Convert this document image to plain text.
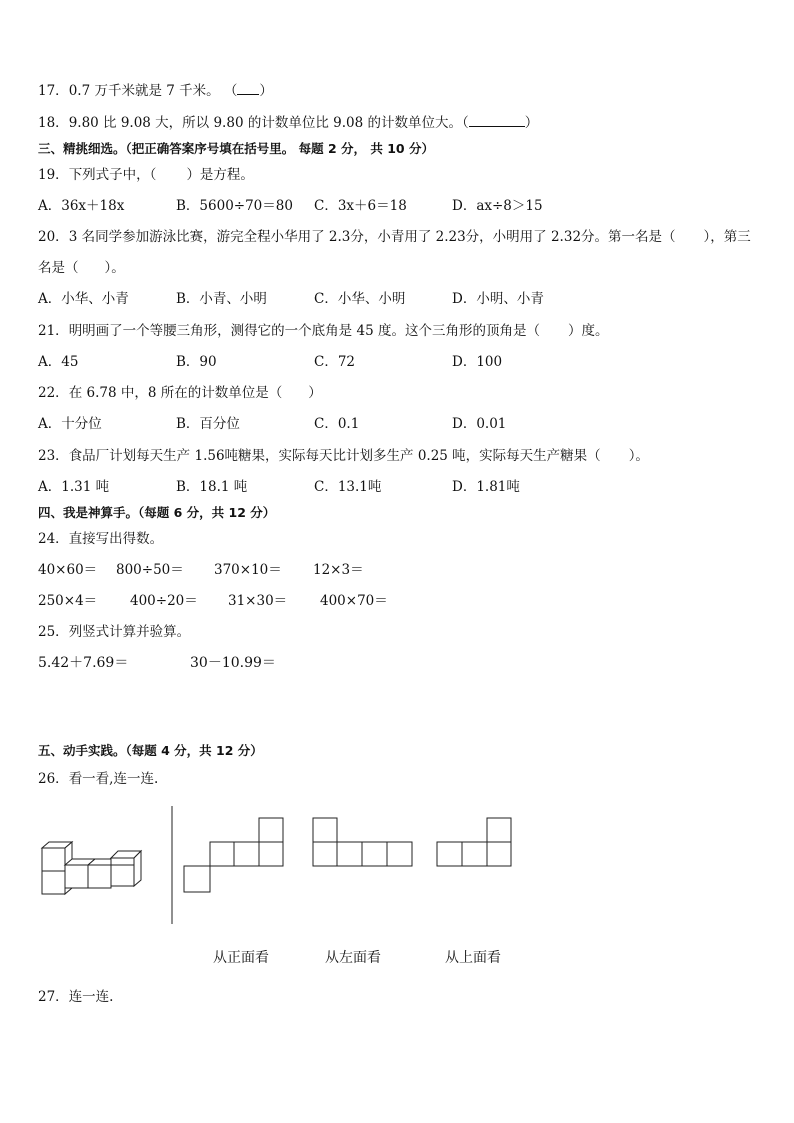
17．0.7 万千米就是 7 千米。 （ ）
18．9.80 比 9.08 大，所以 9.80 的计数单位比 9.08 的计数单位大。（	）
三、精挑细选。（把正确答案序号填在括号里。 每题 2 分， 共 10 分）
19．下列式子中，（ ）是方程。
A．36x＋18x	B．5600÷70＝80 C．3x＋6＝18	D．ax÷8＞15
20．3 名同学参加游泳比赛，游完全程小华用了 2.3分，小青用了 2.23分，小明用了 2.32分。第一名是（ ），第三
名是（ ）。
A．小华、小青	B．小青、小明	C．小华、小明	D．小明、小青
21．明明画了一个等腰三角形，测得它的一个底角是 45 度。这个三角形的顶角是（ ）度。
A．45	B．90	C．72	D．100
22．在 6.78 中，8 所在的计数单位是（ ）
A．十分位	B．百分位	C．0.1	D．0.01
23．食品厂计划每天生产 1.56吨糖果，实际每天比计划多生产 0.25 吨，实际每天生产糖果（ ）。
A．1.31 吨	B．18.1 吨	C．13.1吨	D．1.81吨
四、我是神算手。（每题 6 分，共 12 分）
24．直接写出得数。
40×60＝ 800÷50＝ 370×10＝ 12×3＝
250×4＝ 400÷20＝ 31×30＝ 400×70＝
25．列竖式计算并验算。
5.42＋7.69＝	30－10.99＝
五、动手实践。（每题 4 分，共 12 分）
26．看一看,连一连.
从正面看	从左面看	从上面看
27．连一连.
